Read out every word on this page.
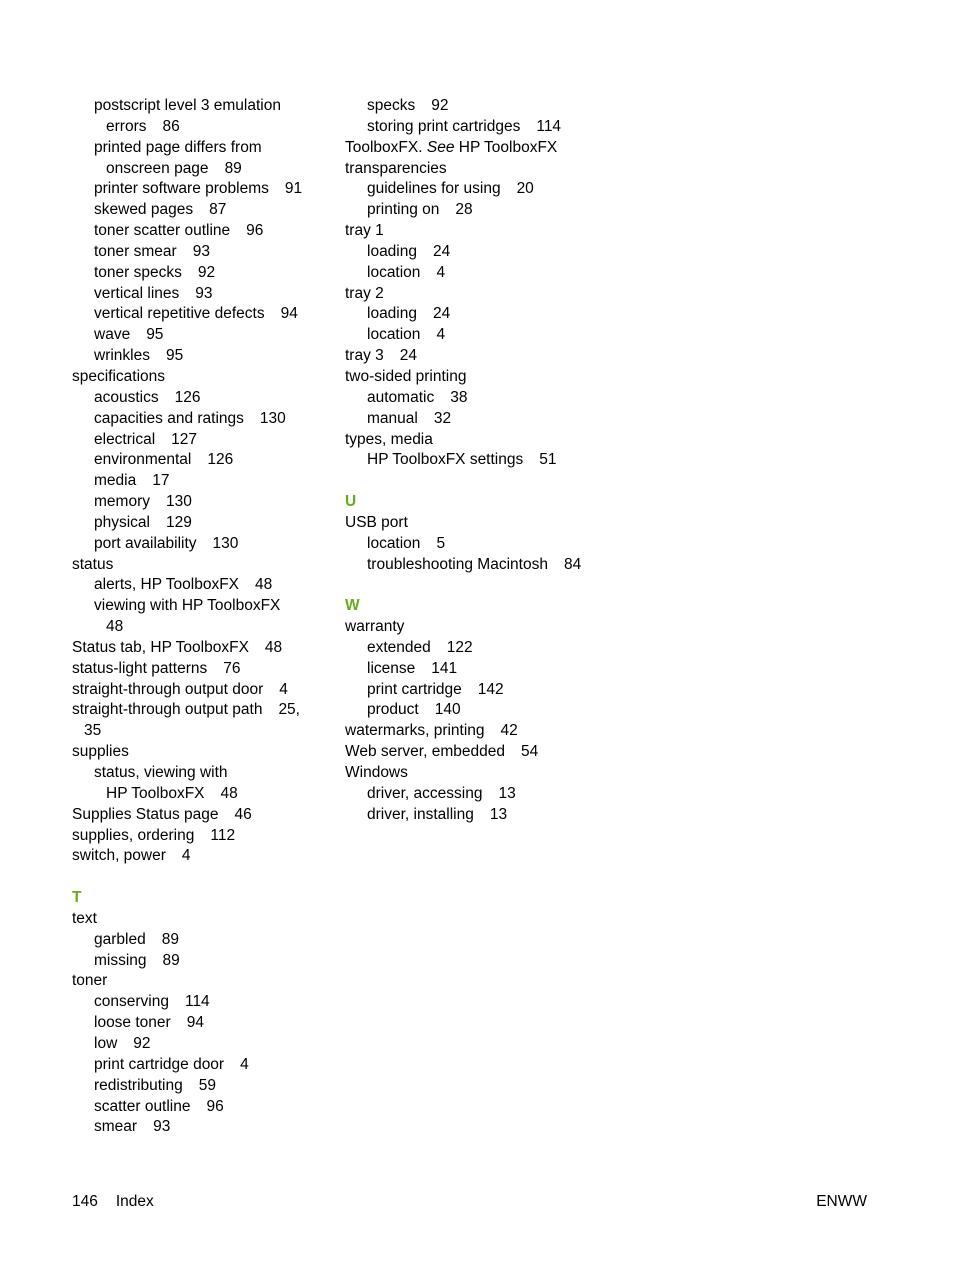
postscript level 3 emulation
errors 86
printed page differs from
onscreen page 89
printer software problems 91
skewed pages 87
toner scatter outline 96
toner smear 93
toner specks 92
vertical lines 93
vertical repetitive defects 94
wave 95
wrinkles 95
specifications
acoustics 126
capacities and ratings 130
electrical 127
environmental 126
media 17
memory 130
physical 129
port availability 130
status
alerts, HP ToolboxFX 48
viewing with HP ToolboxFX
48
Status tab, HP ToolboxFX 48
status-light patterns 76
straight-through output door 4
straight-through output path 25,
35
supplies
status, viewing with
HP ToolboxFX 48
Supplies Status page 46
supplies, ordering 112
switch, power 4
T
text
garbled 89
missing 89
toner
conserving 114
loose toner 94
low 92
print cartridge door 4
redistributing 59
scatter outline 96
smear 93
specks 92
storing print cartridges 114
ToolboxFX. See HP ToolboxFX
transparencies
guidelines for using 20
printing on 28
tray 1
loading 24
location 4
tray 2
loading 24
location 4
tray 3 24
two-sided printing
automatic 38
manual 32
types, media
HP ToolboxFX settings 51
U
USB port
location 5
troubleshooting Macintosh 84
W
warranty
extended 122
license 141
print cartridge 142
product 140
watermarks, printing 42
Web server, embedded 54
Windows
driver, accessing 13
driver, installing 13
146 Index	ENWW
